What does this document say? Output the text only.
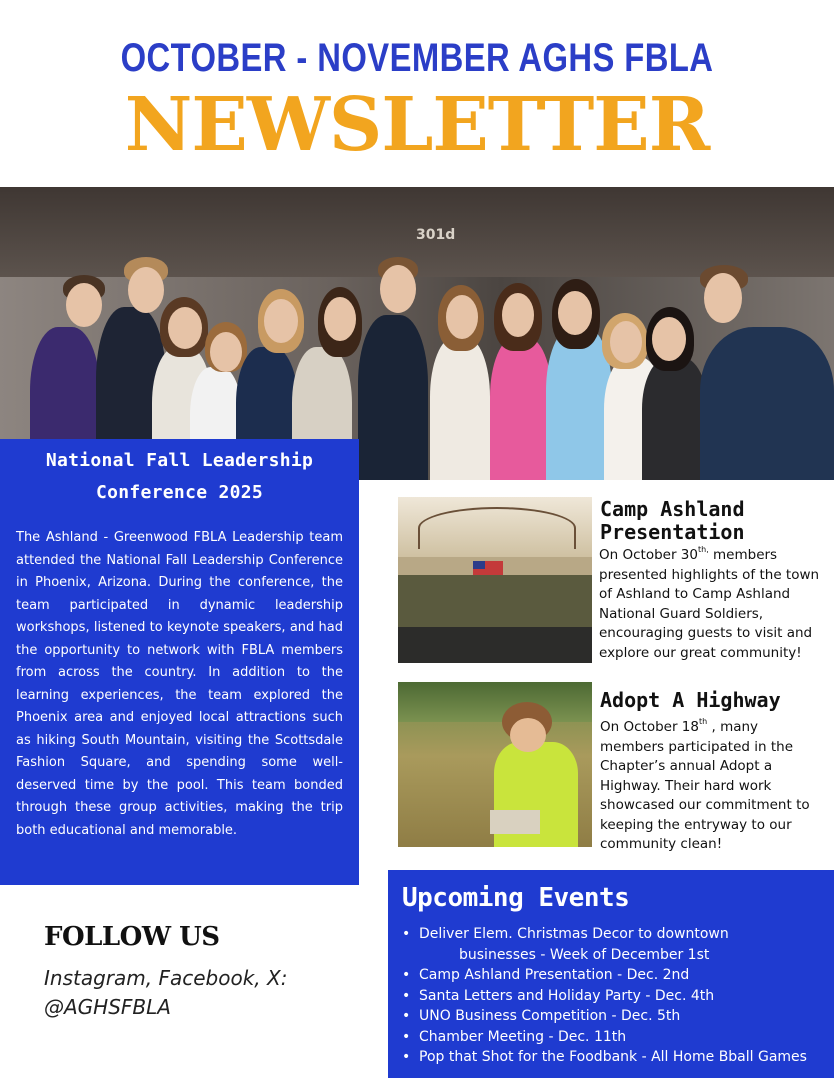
OCTOBER - NOVEMBER AGHS FBLA
NEWSLETTER
301d
National Fall Leadership
Conference 2025

The Ashland - Greenwood FBLA Leadership team attended the National Fall Leadership Conference in Phoenix, Arizona. During the conference, the team participated in dynamic leadership workshops, listened to keynote speakers, and had the opportunity to network with FBLA members from across the country. In addition to the learning experiences, the team explored the Phoenix area and enjoyed local attractions such as hiking South Mountain, visiting the Scottsdale Fashion Square, and spending some well-deserved time by the pool. This team bonded through these group activities, making the trip both educational and memorable.

Camp Ashland
Presentation
On October $30^{th,}$ members presented highlights of the town of Ashland to Camp Ashland National Guard Soldiers, encouraging guests to visit and explore our great community!
Adopt A Highway
On October 18th , many members participated in the Chapter’s annual Adopt a Highway. Their hard work showcased our commitment to keeping the entryway to our community clean!
FOLLOW US
Instagram, Facebook, X:
@AGHSFBLA
Upcoming Events
• Deliver Elem. Christmas Decor to downtown
businesses - Week of December 1st
• Camp Ashland Presentation - Dec. 2nd
• Santa Letters and Holiday Party - Dec. 4th
• UNO Business Competition - Dec. 5th
• Chamber Meeting - Dec. 11th
• Pop that Shot for the Foodbank - All Home Bball Games
